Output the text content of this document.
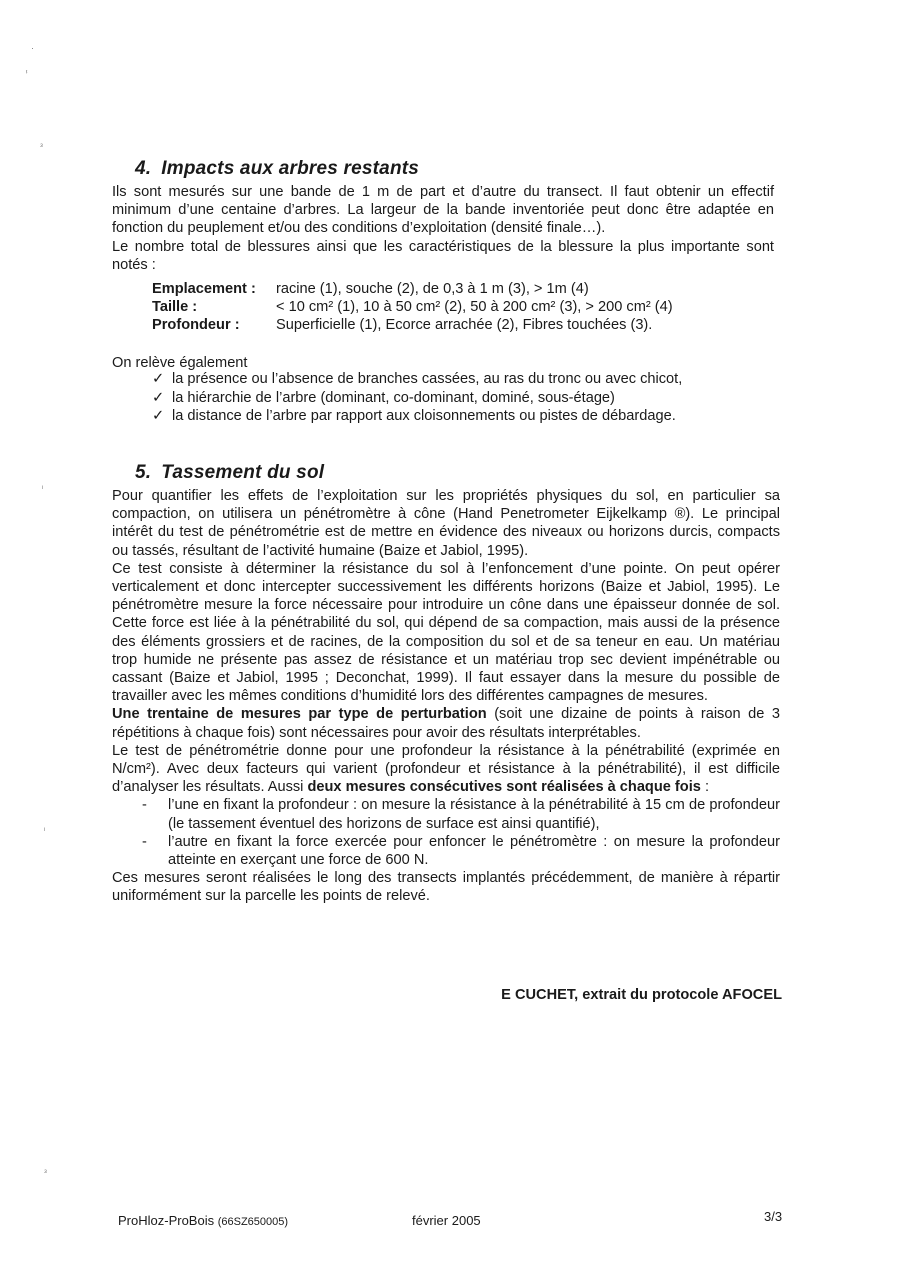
·
ⸯ
ᵌ
ᶦ
ᶦ
ᵌ
4. Impacts aux arbres restants

Ils sont mesurés sur une bande de 1 m de part et d’autre du transect. Il faut obtenir un effectif minimum d’une centaine d’arbres. La largeur de la bande inventoriée peut donc être adaptée en fonction du peuplement et/ou des conditions d’exploitation (densité finale…).

Le nombre total de blessures ainsi que les caractéristiques de la blessure la plus importante sont notés :

Emplacement :	racine (1), souche (2), de 0,3 à 1 m (3), > 1m (4)
Taille :	< 10 cm² (1), 10 à 50 cm² (2), 50 à 200 cm² (3), > 200 cm² (4)
Profondeur :	Superficielle (1), Ecorce arrachée (2), Fibres touchées (3).
On relève également
✓ la présence ou l’absence de branches cassées, au ras du tronc ou avec chicot,
✓ la hiérarchie de l’arbre (dominant, co-dominant, dominé, sous-étage)
✓ la distance de l’arbre par rapport aux cloisonnements ou pistes de débardage.
5. Tassement du sol

Pour quantifier les effets de l’exploitation sur les propriétés physiques du sol, en particulier sa compaction, on utilisera un pénétromètre à cône (Hand Penetrometer Eijkelkamp ®). Le principal intérêt du test de pénétrométrie est de mettre en évidence des niveaux ou horizons durcis, compacts ou tassés, résultant de l’activité humaine (Baize et Jabiol, 1995).

Ce test consiste à déterminer la résistance du sol à l’enfoncement d’une pointe. On peut opérer verticalement et donc intercepter successivement les différents horizons (Baize et Jabiol, 1995). Le pénétromètre mesure la force nécessaire pour introduire un cône dans une épaisseur donnée de sol. Cette force est liée à la pénétrabilité du sol, qui dépend de sa compaction, mais aussi de la présence des éléments grossiers et de racines, de la composition du sol et de sa teneur en eau. Un matériau trop humide ne présente pas assez de résistance et un matériau trop sec devient impénétrable ou cassant (Baize et Jabiol, 1995 ; Deconchat, 1999). Il faut essayer dans la mesure du possible de travailler avec les mêmes conditions d’humidité lors des différentes campagnes de mesures.

Une trentaine de mesures par type de perturbation (soit une dizaine de points à raison de 3 répétitions à chaque fois) sont nécessaires pour avoir des résultats interprétables.

Le test de pénétrométrie donne pour une profondeur la résistance à la pénétrabilité (exprimée en N/cm²). Avec deux facteurs qui varient (profondeur et résistance à la pénétrabilité), il est difficile d’analyser les résultats. Aussi deux mesures consécutives sont réalisées à chaque fois :

-	l’une en fixant la profondeur : on mesure la résistance à la pénétrabilité à 15 cm de profondeur (le tassement éventuel des horizons de surface est ainsi quantifié),
-	l’autre en fixant la force exercée pour enfoncer le pénétromètre : on mesure la profondeur atteinte en exerçant une force de 600 N.

Ces mesures seront réalisées le long des transects implantés précédemment, de manière à répartir uniformément sur la parcelle les points de relevé.

E CUCHET, extrait du protocole AFOCEL
ProHloz-ProBois (66SZ650005)	février 2005	3/3
